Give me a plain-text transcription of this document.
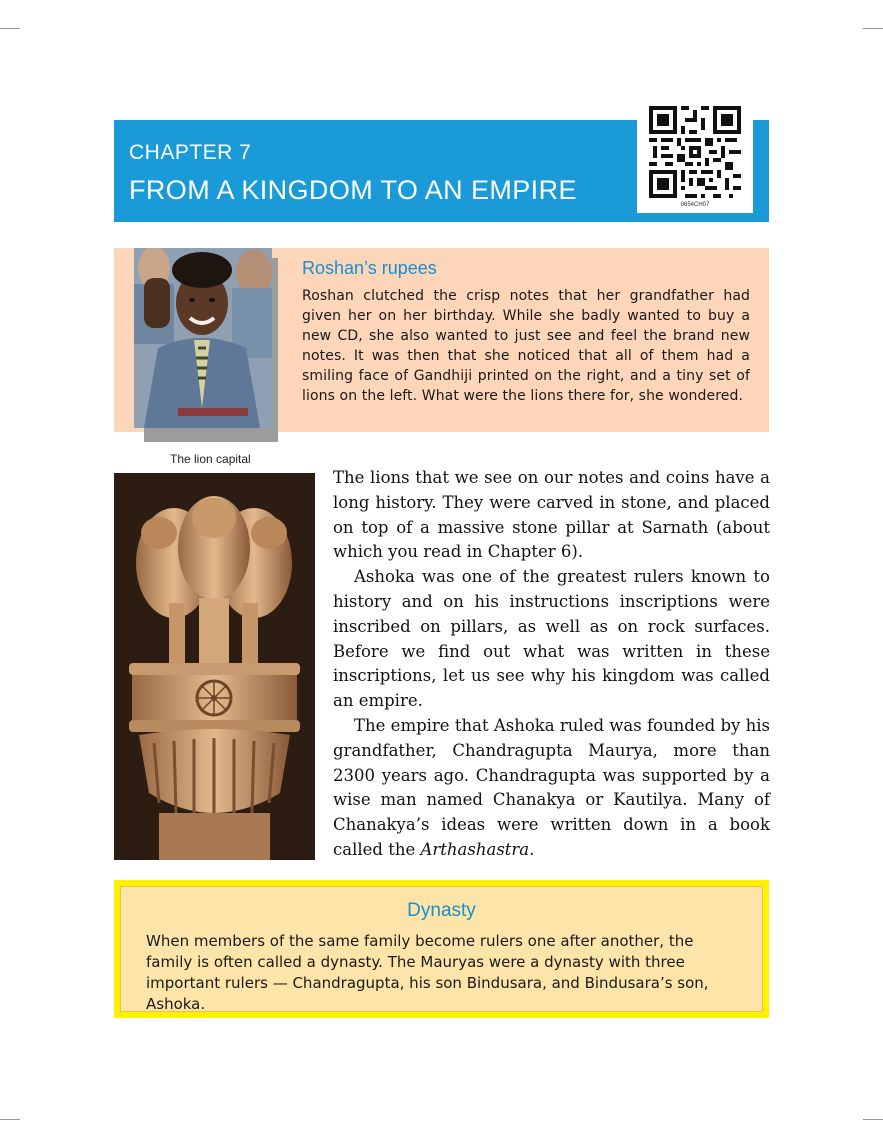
CHAPTER 7
FROM A KINGDOM TO AN EMPIRE	0654CH07
Roshan’s rupees

Roshan clutched the crisp notes that her grandfather had given her on her birthday. While she badly wanted to buy a new CD, she also wanted to just see and feel the brand new notes. It was then that she noticed that all of them had a smiling face of Gandhiji printed on the right, and a tiny set of lions on the left. What were the lions there for, she wondered.

The lion capital

The lions that we see on our notes and coins have a long history. They were carved in stone, and placed on top of a massive stone pillar at Sarnath (about which you read in Chapter 6).

Ashoka was one of the greatest rulers known to history and on his instructions inscriptions were inscribed on pillars, as well as on rock surfaces. Before we find out what was written in these inscriptions, let us see why his kingdom was called an empire.

The empire that Ashoka ruled was founded by his grandfather, Chandragupta Maurya, more than 2300 years ago. Chandragupta was supported by a wise man named Chanakya or Kautilya. Many of Chanakya’s ideas were written down in a book called the Arthashastra.

Dynasty

When members of the same family become rulers one after another, the family is often called a dynasty. The Mauryas were a dynasty with three important rulers — Chandragupta, his son Bindusara, and Bindusara’s son, Ashoka.
